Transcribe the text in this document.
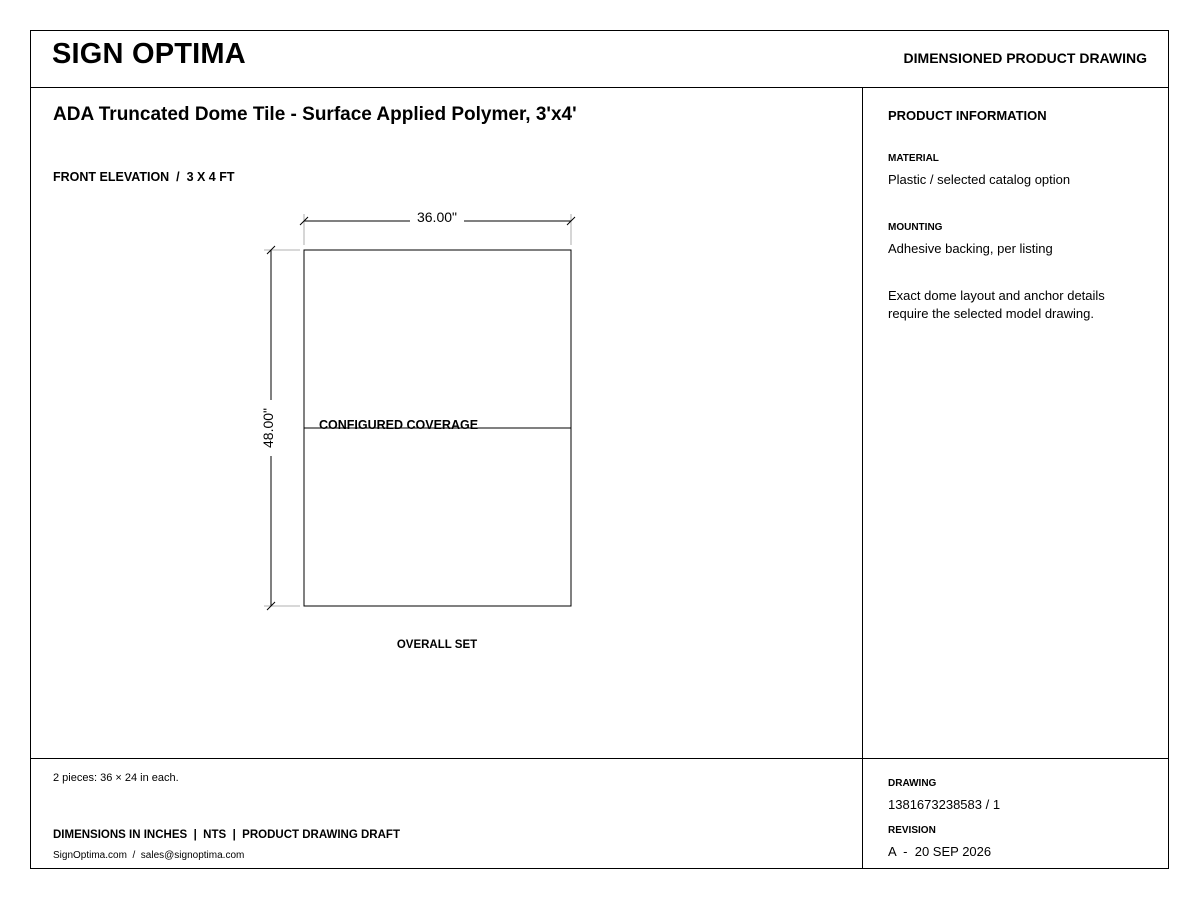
SIGN OPTIMA	DIMENSIONED PRODUCT DRAWING
ADA Truncated Dome Tile - Surface Applied Polymer, 3'x4'
FRONT ELEVATION  /  3 X 4 FT
36.00"
48.00"	CONFIGURED COVERAGE
OVERALL SET
PRODUCT INFORMATION
MATERIAL
Plastic / selected catalog option
MOUNTING
Adhesive backing, per listing
Exact dome layout and anchor details require the selected model drawing.
2 pieces: 36 × 24 in each.
DIMENSIONS IN INCHES  |  NTS  |  PRODUCT DRAWING DRAFT
SignOptima.com  /  sales@signoptima.com
DRAWING
1381673238583 / 1
REVISION
A  -  20 SEP 2026
